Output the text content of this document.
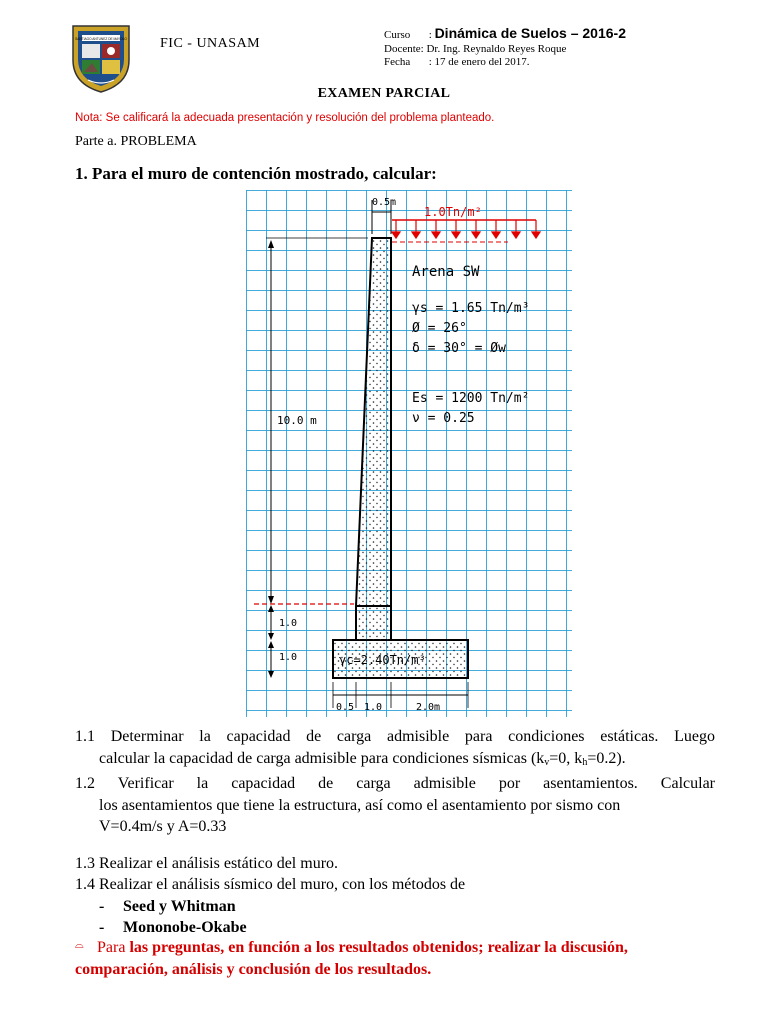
SANTIAGO ANTUNEZ DE MAYOLO FIC - UNASAM
Curso : Dinámica de Suelos – 2016-2
Docente: Dr. Ing. Reynaldo Reyes Roque
Fecha : 17 de enero del 2017.
EXAMEN PARCIAL
Nota: Se calificará la adecuada presentación y resolución del problema planteado.
Parte a. PROBLEMA
1. Para el muro de contención mostrado, calcular:
0.5m
1.0Tn/m²
Arena SW
γs = 1.65 Tn/m³
Ø = 26°
δ = 30° = Øw
Es = 1200 Tn/m²
ν = 0.25
10.0 m
1.0
1.0	γc=2.40Tn/m³
0.5 1.0	2.0m

1.1 Determinar la capacidad de carga admisible para condiciones estáticas. Luego

calcular la capacidad de carga admisible para condiciones sísmicas ($k_v=0$, $k_h=0.2$).

1.2 Verificar la capacidad de carga admisible por asentamientos. Calcular

los asentamientos que tiene la estructura, así como el asentamiento por sismo con

V=0.4m/s y A=0.33

1.3 Realizar el análisis estático del muro.

1.4 Realizar el análisis sísmico del muro, con los métodos de

- Seed y Whitman

- Mononobe-Okabe

⌓ Para las preguntas, en función a los resultados obtenidos; realizar la discusión, comparación, análisis y conclusión de los resultados.
